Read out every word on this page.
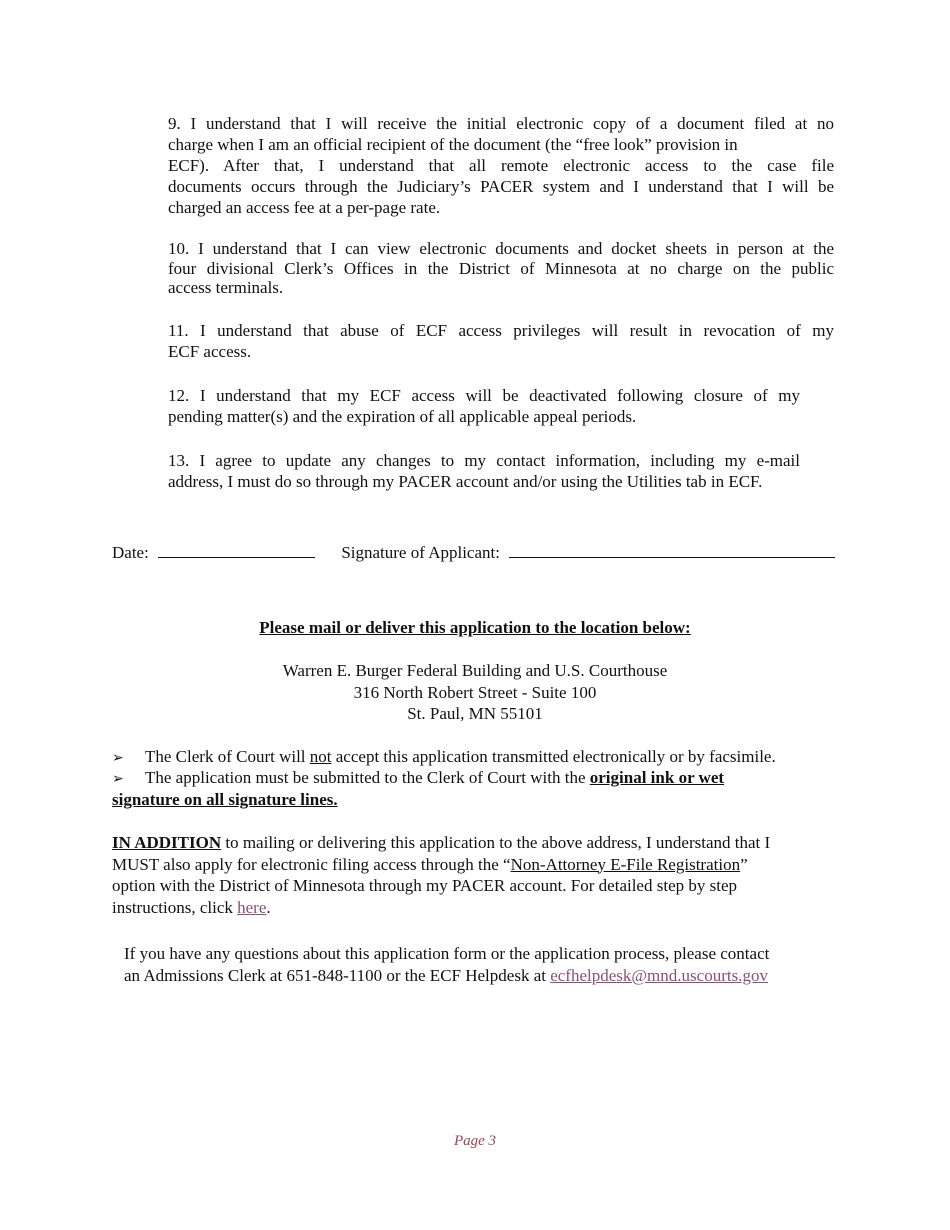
9. I understand that I will receive the initial electronic copy of a document filed at no
charge when I am an official recipient of the document (the “free look” provision in
ECF). After that, I understand that all remote electronic access to the case file
documents occurs through the Judiciary’s PACER system and I understand that I will be
charged an access fee at a per-page rate.
10. I understand that I can view electronic documents and docket sheets in person at the
four divisional Clerk’s Offices in the District of Minnesota at no charge on the public
access terminals.
11. I understand that abuse of ECF access privileges will result in revocation of my
ECF access.
12. I understand that my ECF access will be deactivated following closure of my
pending matter(s) and the expiration of all applicable appeal periods.
13. I agree to update any changes to my contact information, including my e-mail
address, I must do so through my PACER account and/or using the Utilities tab in ECF.
Date:	Signature of Applicant:
Please mail or deliver this application to the location below:
Warren E. Burger Federal Building and U.S. Courthouse
316 North Robert Street - Suite 100
St. Paul, MN 55101
➢ The Clerk of Court will not accept this application transmitted electronically or by facsimile.
➢ The application must be submitted to the Clerk of Court with the original ink or wet
signature on all signature lines.
IN ADDITION to mailing or delivering this application to the above address, I understand that I
MUST also apply for electronic filing access through the “Non-Attorney E-File Registration”
option with the District of Minnesota through my PACER account. For detailed step by step
instructions, click here.
If you have any questions about this application form or the application process, please contact
an Admissions Clerk at 651-848-1100 or the ECF Helpdesk at ecfhelpdesk@mnd.uscourts.gov
Page 3
